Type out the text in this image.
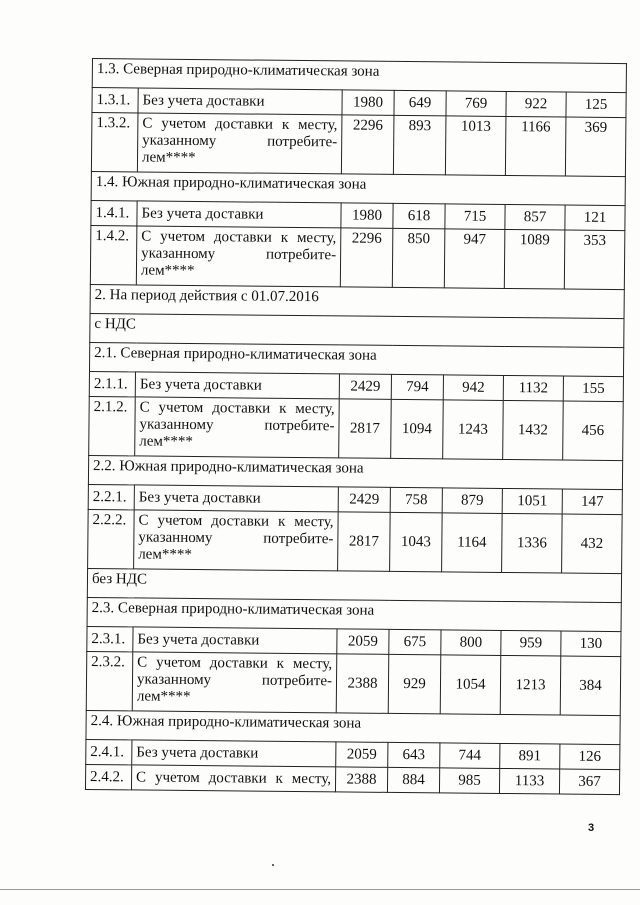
1.3. Северная природно-климатическая зона						
1.3.1.	Без учета доставки	1980	649	769	922	125
1.3.2.	С учетом доставки к месту,
указанному потребите-
лем****	2296	893	1013	1166	369
1.4. Южная природно-климатическая зона						
1.4.1.	Без учета доставки	1980	618	715	857	121
1.4.2.	С учетом доставки к месту,
указанному потребите-
лем****	2296	850	947	1089	353
2. На период действия с 01.07.2016						
с НДС						
2.1. Северная природно-климатическая зона						
2.1.1.	Без учета доставки	2429	794	942	1132	155
2.1.2.	С учетом доставки к месту,
указанному потребите-
лем****	2817	1094	1243	1432	456
2.2. Южная природно-климатическая зона						
2.2.1.	Без учета доставки	2429	758	879	1051	147
2.2.2.	С учетом доставки к месту,
указанному потребите-
лем****	2817	1043	1164	1336	432
без НДС						
2.3. Северная природно-климатическая зона						
2.3.1.	Без учета доставки	2059	675	800	959	130
2.3.2.	С учетом доставки к месту,
указанному потребите-
лем****	2388	929	1054	1213	384
2.4. Южная природно-климатическая зона						
2.4.1.	Без учета доставки	2059	643	744	891	126
2.4.2.	С учетом доставки к месту,	2388	884	985	1133	367
3
